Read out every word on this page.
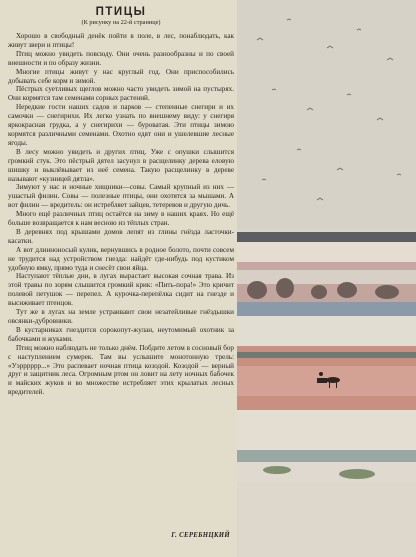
ПТИЦЫ

(К рисунку на 22-й странице)

Хорошо в свободный денёк пойти в поле, в лес, понаблюдать, как живут звери и птицы!

Птиц можно увидеть повсюду. Они очень разнообразны и по своей внешности и по образу жизни.

Многие птицы живут у нас круглый год. Они приспособились добывать себе корм и зимой.

Пёстрых суетливых щеглов можно часто увидеть зимой на пустырях. Они кормятся там семенами сорных растений.

Нередкие гости наших садов и парков — степенные снегири и их самочки — снегирихи. Их легко узнать по внешнему виду: у снегиря яркокрасная грудка, а у снегирихи — буроватая. Эти птицы зимою кормятся различными семенами. Охотно едят они и ушелевшие лесные ягоды.

В лесу можно увидеть и других птиц. Уже с опушки слышится громкий стук. Это пёстрый дятел засунул в расщелинку дерева еловую шишку и выклёвывает из неё семена. Такую расщелинку в дереве называют «кузницей дятла».

Зимуют у нас и ночные хищники—совы. Самый крупный из них — ушастый филин. Совы — полезные птицы, они охотятся за мышами. А вот филин — вредитель: он истребляет зайцев, тетеревов и другую дичь.

Много ещё различных птиц остаётся на зиму в наших краях. Но ещё больше возвращается к нам весною из тёплых стран.

В деревнях под крышами домов лепят из глины гнёзда ласточки-касатки.

А вот длинноносый кулик, вернувшись в родное болото, почти совсем не трудится над устройством гнезда: найдёт где-нибудь под кустиком удобную ямку, прямо туда и снесёт свои яйца.

Наступают тёплые дни, в лугах вырастает высокая сочная трава. Из этой травы по зорям слышится громкий крик: «Пить-пора!» Это кричит полевой петушок — перепел. А курочка-перепёлка сидит на гнезде и высиживает птенцов.

Тут же в лугах на земле устраивают свои незатейливые гнёздышки овсянки-дубровники.

В кустарниках гнездится сорокопут-жулан, неутомимый охотник за бабочками и жуками.

Птиц можно наблюдать не только днём. Побдите летом в сосновый бор с наступлением сумерек. Там вы услышите монотонную трель: «Уэрррррр...» Это распевает ночная птица козодой. Козодой — верный друг и защитник леса. Огромным ртом он ловит на лету ночных бабочек и майских жуков и во множестве истребляет этих крылатых лесных вредителей.

Г. СЕРЕБНЦКИЙ
